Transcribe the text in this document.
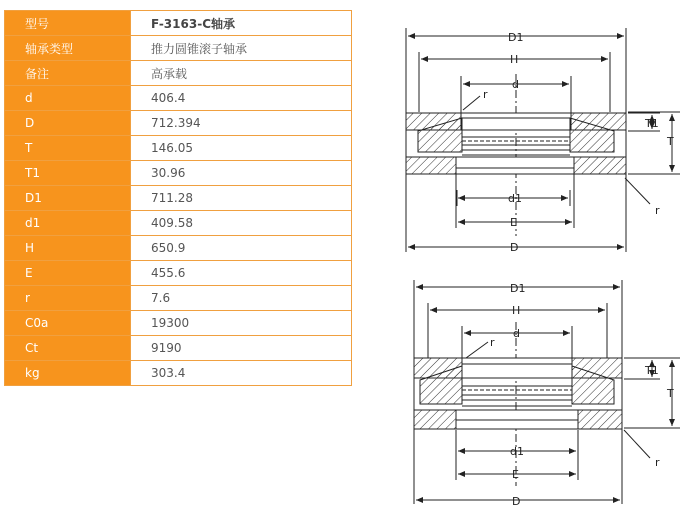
型号	F-3163-C轴承
轴承类型	推力圆锥滚子轴承
备注	高承载
d	406.4
D	712.394
T	146.05
T1	30.96
D1	711.28
d1	409.58
H	650.9
E	455.6
r	7.6
C0a	19300
Ct	9190
kg	303.4
D1
H
d
r
T1
T
r
d1
E
D
D1
H
d
r
T1
T
r
d1
E
D
